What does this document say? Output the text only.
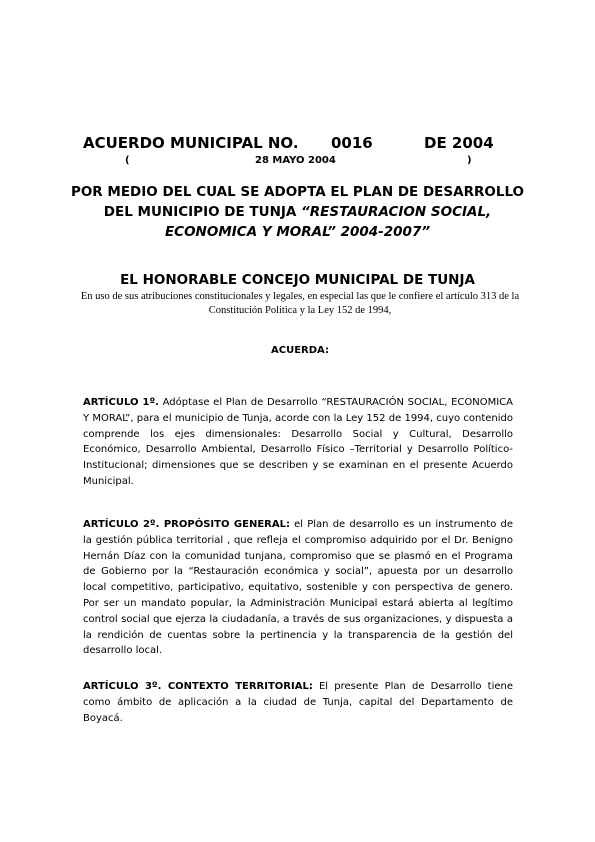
ACUERDO MUNICIPAL NO. 0016	DE 2004
(	28 MAYO 2004	)
POR MEDIO DEL CUAL SE ADOPTA EL PLAN DE DESARROLLO DEL MUNICIPIO DE TUNJA “RESTAURACION SOCIAL, ECONOMICA Y MORAL” 2004-2007”
EL HONORABLE CONCEJO MUNICIPAL DE TUNJA
En uso de sus atribuciones constitucionales y legales, en especial las que le confiere el artículo 313 de la Constitución Política y la Ley 152 de 1994,
ACUERDA:
ARTÍCULO 1º. Adóptase el Plan de Desarrollo “RESTAURACIÓN SOCIAL, ECONOMICA Y MORAL”, para el municipio de Tunja, acorde con la Ley 152 de 1994, cuyo contenido comprende los ejes dimensionales: Desarrollo Social y Cultural, Desarrollo Económico, Desarrollo Ambiental, Desarrollo Físico –Territorial y Desarrollo Político-Institucional; dimensiones que se describen y se examinan en el presente Acuerdo Municipal.
ARTÍCULO 2º. PROPÓSITO GENERAL: el Plan de desarrollo es un instrumento de la gestión pública territorial , que refleja el compromiso adquirido por el Dr. Benigno Hernán Díaz con la comunidad tunjana, compromiso que se plasmó en el Programa de Gobierno por la “Restauración económica y social”, apuesta por un desarrollo local competitivo, participativo, equitativo, sostenible y con perspectiva de genero. Por ser un mandato popular, la Administración Municipal estará abierta al legítimo control social que ejerza la ciudadanía, a través de sus organizaciones, y dispuesta a la rendición de cuentas sobre la pertinencia y la transparencia de la gestión del desarrollo local.
ARTÍCULO 3º. CONTEXTO TERRITORIAL: El presente Plan de Desarrollo tiene como ámbito de aplicación a la ciudad de Tunja, capital del Departamento de Boyacá.
